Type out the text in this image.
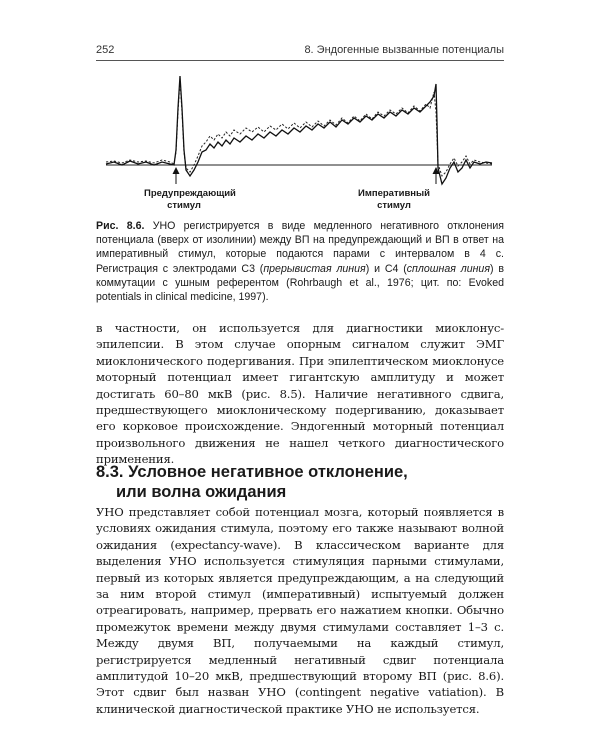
252	8. Эндогенные вызванные потенциалы
Предупреждающий
стимул
Императивный
стимул
Рис. 8.6. УНО регистрируется в виде медленного негативного отклонения потенциала (вверх от изолинии) между ВП на предупреждающий и ВП в ответ на императивный стимул, которые подаются парами с интервалом в 4 с. Регистрация с электродами С3 (прерывистая линия) и С4 (сплошная линия) в коммутации с ушным референтом (Rohrbaugh et al., 1976; цит. по: Evoked potentials in clinical medicine, 1997).

в частности, он используется для диагностики миоклонус-эпилепсии. В этом случае опорным сигналом служит ЭМГ миоклонического подергивания. При эпилептическом миоклонусе моторный потенциал имеет гигантскую амплитуду и может достигать 60–80 мкВ (рис. 8.5). Наличие негативного сдвига, предшествующего миоклоническому подергиванию, доказывает его корковое происхождение. Эндогенный моторный потенциал произвольного движения не нашел четкого диагностического применения.

8.3. Условное негативное отклонение,
или волна ожидания

УНО представляет собой потенциал мозга, который появляется в условиях ожидания стимула, поэтому его также называют волной ожидания (expectancy-wave). В классическом варианте для выделения УНО используется стимуляция парными стимулами, первый из которых является предупреждающим, а на следующий за ним второй стимул (императивный) испытуемый должен отреагировать, например, прервать его нажатием кнопки. Обычно промежуток времени между двумя стимулами составляет 1–3 с. Между двумя ВП, получаемыми на каждый стимул, регистрируется медленный негативный сдвиг потенциала амплитудой 10–20 мкВ, предшествующий второму ВП (рис. 8.6). Этот сдвиг был назван УНО (contingent negative vatiation). В клинической диагностической практике УНО не используется.
